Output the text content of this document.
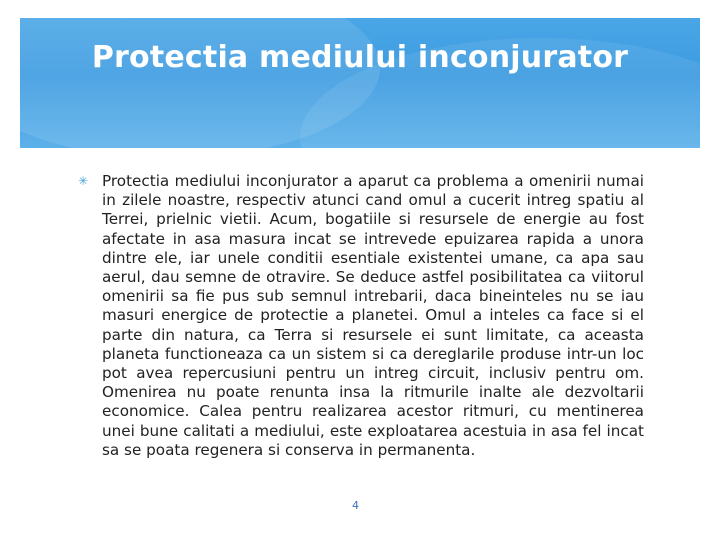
Protectia mediului inconjurator
✳ Protectia mediului inconjurator a aparut ca problema a omenirii numai in zilele noastre, respectiv atunci cand omul a cucerit intreg spatiu al Terrei, prielnic vietii. Acum, bogatiile si resursele de energie au fost afectate in asa masura incat se intrevede epuizarea rapida a unora dintre ele, iar unele conditii esentiale existentei umane, ca apa sau aerul, dau semne de otravire. Se deduce astfel posibilitatea ca viitorul omenirii sa fie pus sub semnul intrebarii, daca bineinteles nu se iau masuri energice de protectie a planetei. Omul a inteles ca face si el parte din natura, ca Terra si resursele ei sunt limitate, ca aceasta planeta functioneaza ca un sistem si ca dereglarile produse intr-un loc pot avea repercusiuni pentru un intreg circuit, inclusiv pentru om. Omenirea nu poate renunta insa la ritmurile inalte ale dezvoltarii economice. Calea pentru realizarea acestor ritmuri, cu mentinerea unei bune calitati a mediului, este exploatarea acestuia in asa fel incat sa se poata regenera si conserva in permanenta.

4
